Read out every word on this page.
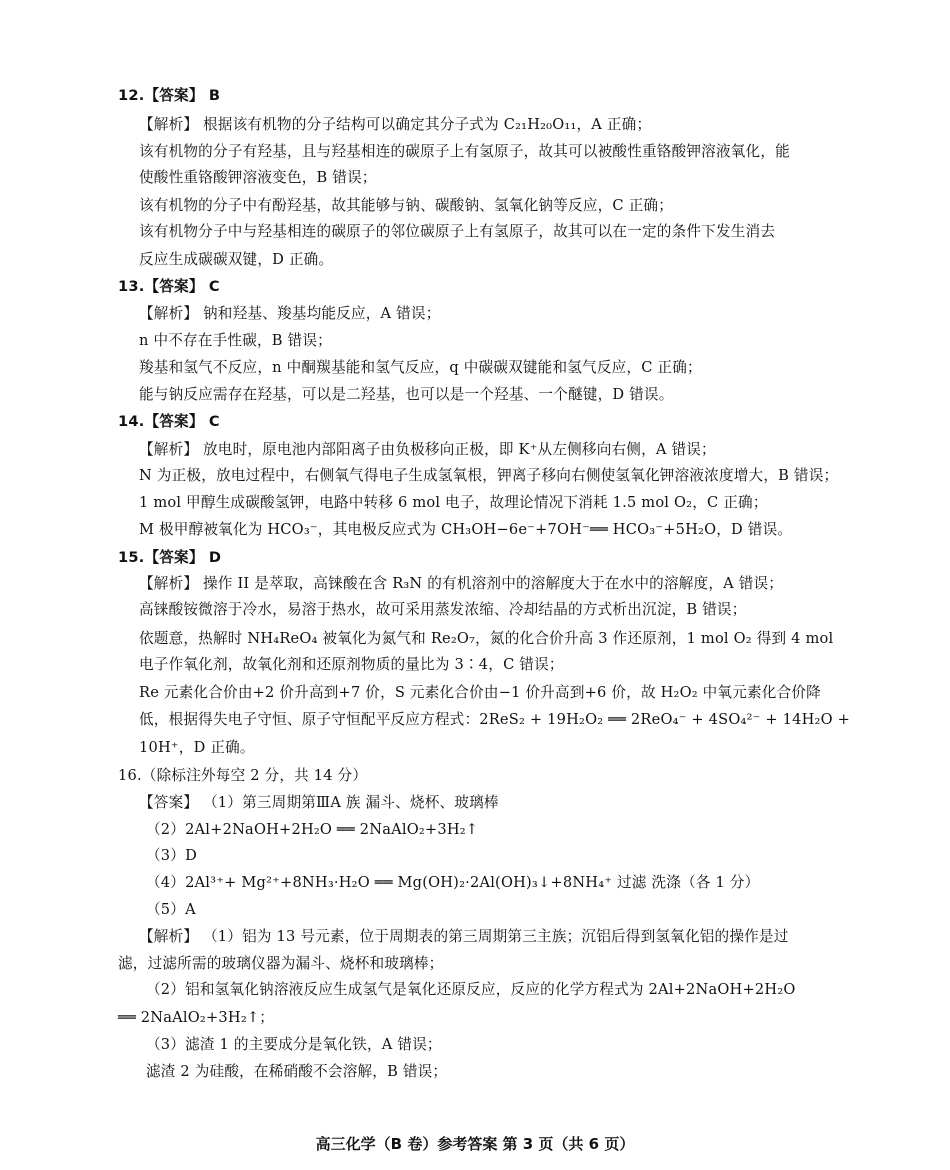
12.【答案】 B
【解析】 根据该有机物的分子结构可以确定其分子式为 C₂₁H₂₀O₁₁，A 正确；
该有机物的分子有羟基，且与羟基相连的碳原子上有氢原子，故其可以被酸性重铬酸钾溶液氧化，能
使酸性重铬酸钾溶液变色，B 错误；
该有机物的分子中有酚羟基，故其能够与钠、碳酸钠、氢氧化钠等反应，C 正确；
该有机物分子中与羟基相连的碳原子的邻位碳原子上有氢原子，故其可以在一定的条件下发生消去
反应生成碳碳双键，D 正确。
13.【答案】 C
【解析】 钠和羟基、羧基均能反应，A 错误；
n 中不存在手性碳，B 错误；
羧基和氢气不反应，n 中酮羰基能和氢气反应，q 中碳碳双键能和氢气反应，C 正确；
能与钠反应需存在羟基，可以是二羟基，也可以是一个羟基、一个醚键，D 错误。
14.【答案】 C
【解析】 放电时，原电池内部阳离子由负极移向正极，即 K⁺从左侧移向右侧，A 错误；
N 为正极，放电过程中，右侧氧气得电子生成氢氧根，钾离子移向右侧使氢氧化钾溶液浓度增大，B 错误；
1 mol 甲醇生成碳酸氢钾，电路中转移 6 mol 电子，故理论情况下消耗 1.5 mol O₂，C 正确；
M 极甲醇被氧化为 HCO₃⁻，其电极反应式为 CH₃OH−6e⁻+7OH⁻══ HCO₃⁻+5H₂O，D 错误。
15.【答案】 D
【解析】 操作 II 是萃取，高铼酸在含 R₃N 的有机溶剂中的溶解度大于在水中的溶解度，A 错误；
高铼酸铵微溶于冷水，易溶于热水，故可采用蒸发浓缩、冷却结晶的方式析出沉淀，B 错误；
依题意，热解时 NH₄ReO₄ 被氧化为氮气和 Re₂O₇，氮的化合价升高 3 作还原剂，1 mol O₂ 得到 4 mol
电子作氧化剂，故氧化剂和还原剂物质的量比为 3∶4，C 错误；
Re 元素化合价由+2 价升高到+7 价，S 元素化合价由−1 价升高到+6 价，故 H₂O₂ 中氧元素化合价降
低，根据得失电子守恒、原子守恒配平反应方程式：2ReS₂ + 19H₂O₂ ══ 2ReO₄⁻ + 4SO₄²⁻ + 14H₂O +
10H⁺，D 正确。
16.（除标注外每空 2 分，共 14 分）
【答案】 （1）第三周期第ⅢA 族 漏斗、烧杯、玻璃棒
（2）2Al+2NaOH+2H₂O ══ 2NaAlO₂+3H₂↑
（3）D
（4）2Al³⁺+ Mg²⁺+8NH₃·H₂O ══ Mg(OH)₂·2Al(OH)₃↓+8NH₄⁺ 过滤 洗涤（各 1 分）
（5）A
【解析】 （1）铝为 13 号元素，位于周期表的第三周期第三主族；沉铝后得到氢氧化铝的操作是过
滤，过滤所需的玻璃仪器为漏斗、烧杯和玻璃棒；
（2）铝和氢氧化钠溶液反应生成氢气是氧化还原反应，反应的化学方程式为 2Al+2NaOH+2H₂O
══ 2NaAlO₂+3H₂↑；
（3）滤渣 1 的主要成分是氧化铁，A 错误；
滤渣 2 为硅酸，在稀硝酸不会溶解，B 错误；
高三化学（B 卷）参考答案 第 3 页（共 6 页）
